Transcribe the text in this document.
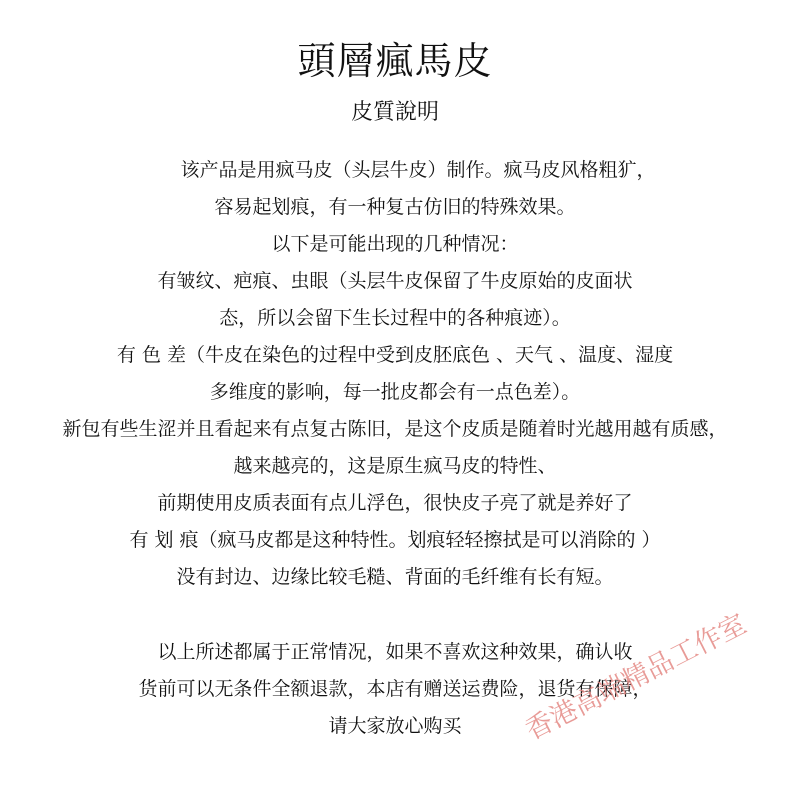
頭層瘋馬皮
皮質說明
该产品是用疯马皮（头层牛皮）制作。疯马皮风格粗犷，
容易起划痕，有一种复古仿旧的特殊效果。
以下是可能出现的几种情况：
有皱纹、疤痕、虫眼（头层牛皮保留了牛皮原始的皮面状
态，所以会留下生长过程中的各种痕迹）。
有 色 差（牛皮在染色的过程中受到皮胚底色 、天气 、温度、湿度
多维度的影响，每一批皮都会有一点色差）。
新包有些生涩并且看起来有点复古陈旧，是这个皮质是随着时光越用越有质感，
越来越亮的，这是原生疯马皮的特性、
前期使用皮质表面有点儿浮色，很快皮子亮了就是养好了
有 划 痕（疯马皮都是这种特性。划痕轻轻擦拭是可以消除的 ）
没有封边、边缘比较毛糙、背面的毛纤维有长有短。
以上所述都属于正常情况，如果不喜欢这种效果，确认收
货前可以无条件全额退款，本店有赠送运费险，退货有保障，
请大家放心购买	香港高端精品工作室
